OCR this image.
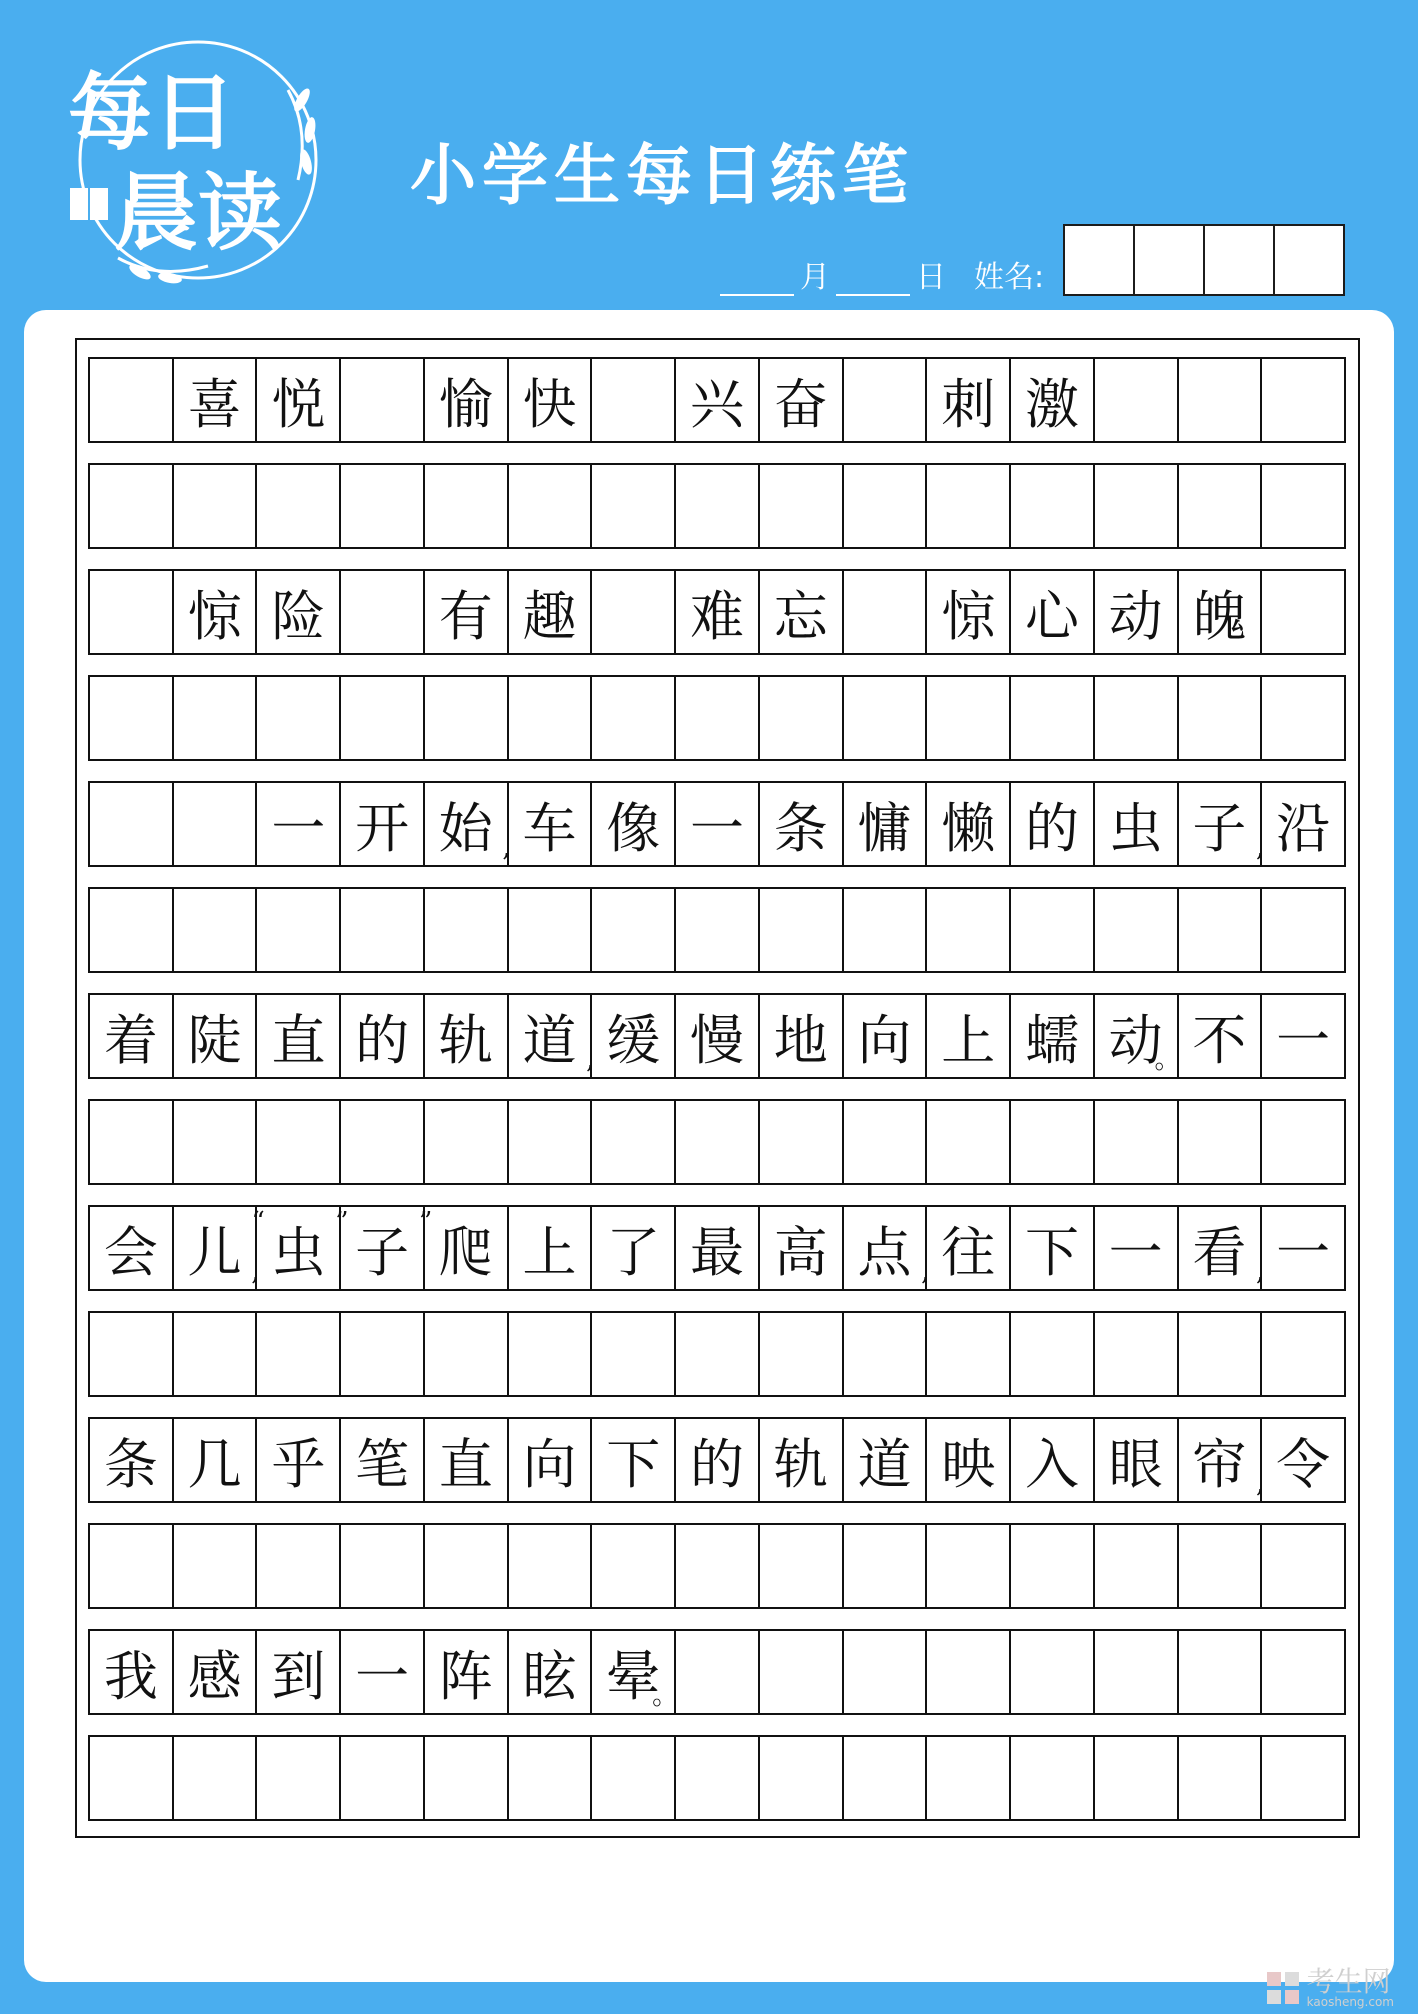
每日
晨读 小学生每日练笔
月	日 姓名:
喜 悦 愉 快 兴 奋 刺 激
惊 险 有 趣 难 忘 惊 心 动 魄
一 开 始 , 车 像 一 条 慵 懒 的 虫 子 , 沿
着 陡 直 的 轨 道 , 缓 慢 地 向 上 蠕 动
。 不 一
会 儿 , 虫
“ 子
” 爬
” 上 了 最 高 点 , 往 下 一 看 , 一
条 几 乎 笔 直 向 下 的 轨 道 映 入 眼 帘 , 令
我 感 到 一 阵 眩 晕
。
考生网
kaosheng.com
